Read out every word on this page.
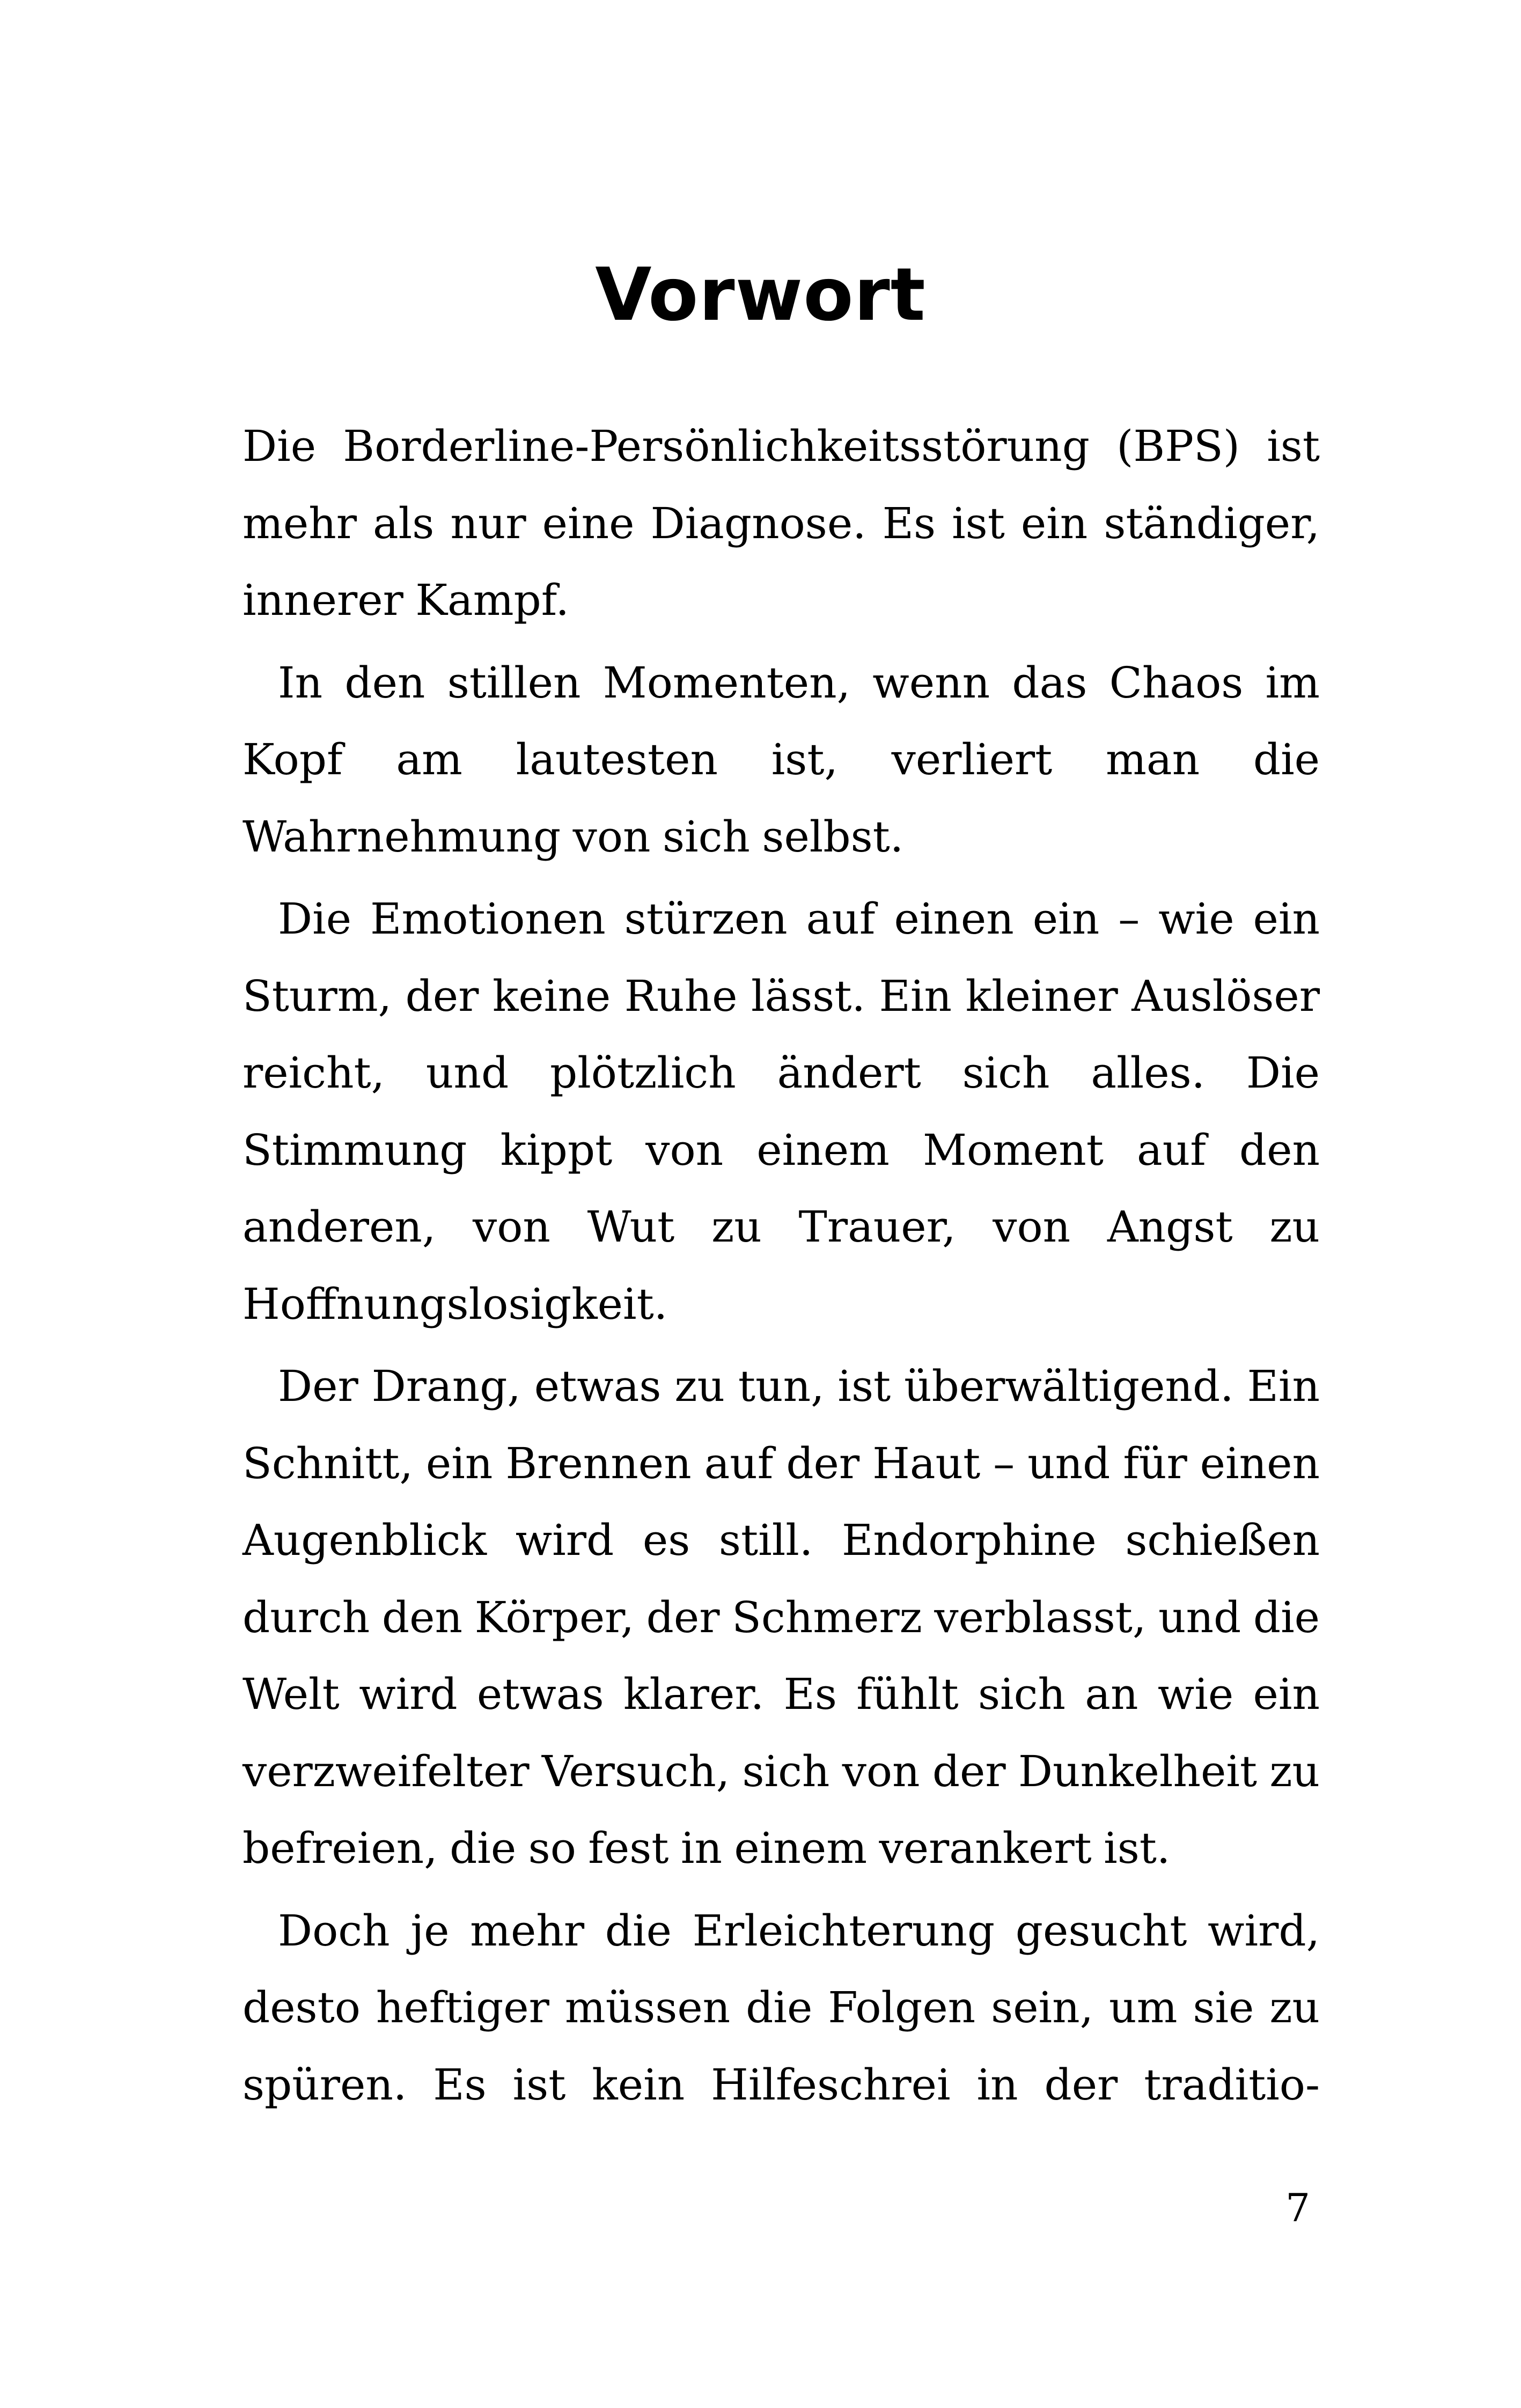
Vorwort

Die Borderline-Persönlichkeitsstörung (BPS) ist mehr als nur eine Diagnose. Es ist ein ständiger, innerer Kampf.

In den stillen Momenten, wenn das Chaos im Kopf am lautesten ist, verliert man die Wahrnehmung von sich selbst.

Die Emotionen stürzen auf einen ein – wie ein Sturm, der keine Ruhe lässt. Ein kleiner Auslöser reicht, und plötzlich ändert sich alles. Die Stimmung kippt von einem Moment auf den anderen, von Wut zu Trauer, von Angst zu Hoffnungslosigkeit.

Der Drang, etwas zu tun, ist überwältigend. Ein Schnitt, ein Brennen auf der Haut – und für einen Augenblick wird es still. Endorphine schießen durch den Körper, der Schmerz verblasst, und die Welt wird etwas klarer. Es fühlt sich an wie ein verzweifelter Versuch, sich von der Dunkelheit zu befreien, die so fest in einem verankert ist.

Doch je mehr die Erleichterung gesucht wird, desto heftiger müssen die Folgen sein, um sie zu spüren. Es ist kein Hilfeschrei in der traditio-

7
